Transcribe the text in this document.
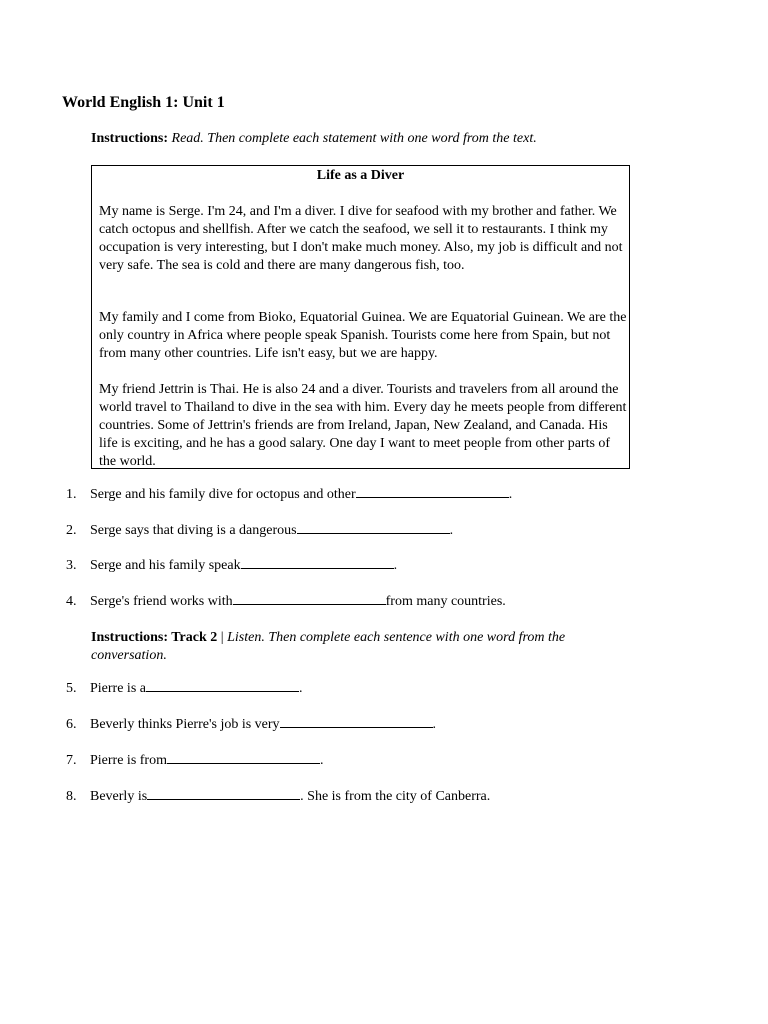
World English 1: Unit 1

Instructions: Read. Then complete each statement with one word from the text.

Life as a Diver

My name is Serge. I'm 24, and I'm a diver. I dive for seafood with my brother and father. We catch octopus and shellfish. After we catch the seafood, we sell it to restaurants. I think my occupation is very interesting, but I don't make much money. Also, my job is difficult and not very safe. The sea is cold and there are many dangerous fish, too.

My family and I come from Bioko, Equatorial Guinea. We are Equatorial Guinean. We are the only country in Africa where people speak Spanish. Tourists come here from Spain, but not from many other countries. Life isn't easy, but we are happy.

My friend Jettrin is Thai. He is also 24 and a diver. Tourists and travelers from all around the world travel to Thailand to dive in the sea with him. Every day he meets people from different countries. Some of Jettrin's friends are from Ireland, Japan, New Zealand, and Canada. His life is exciting, and he has a good salary. One day I want to meet people from other parts of the world.

1. Serge and his family dive for octopus and other	.

2. Serge says that diving is a dangerous	.

3. Serge and his family speak	.

4. Serge's friend works with	from many countries.

Instructions: Track 2 | Listen. Then complete each sentence with one word from the conversation.

5. Pierre is a	.

6. Beverly thinks Pierre's job is very	.

7. Pierre is from	.

8. Beverly is	. She is from the city of Canberra.
